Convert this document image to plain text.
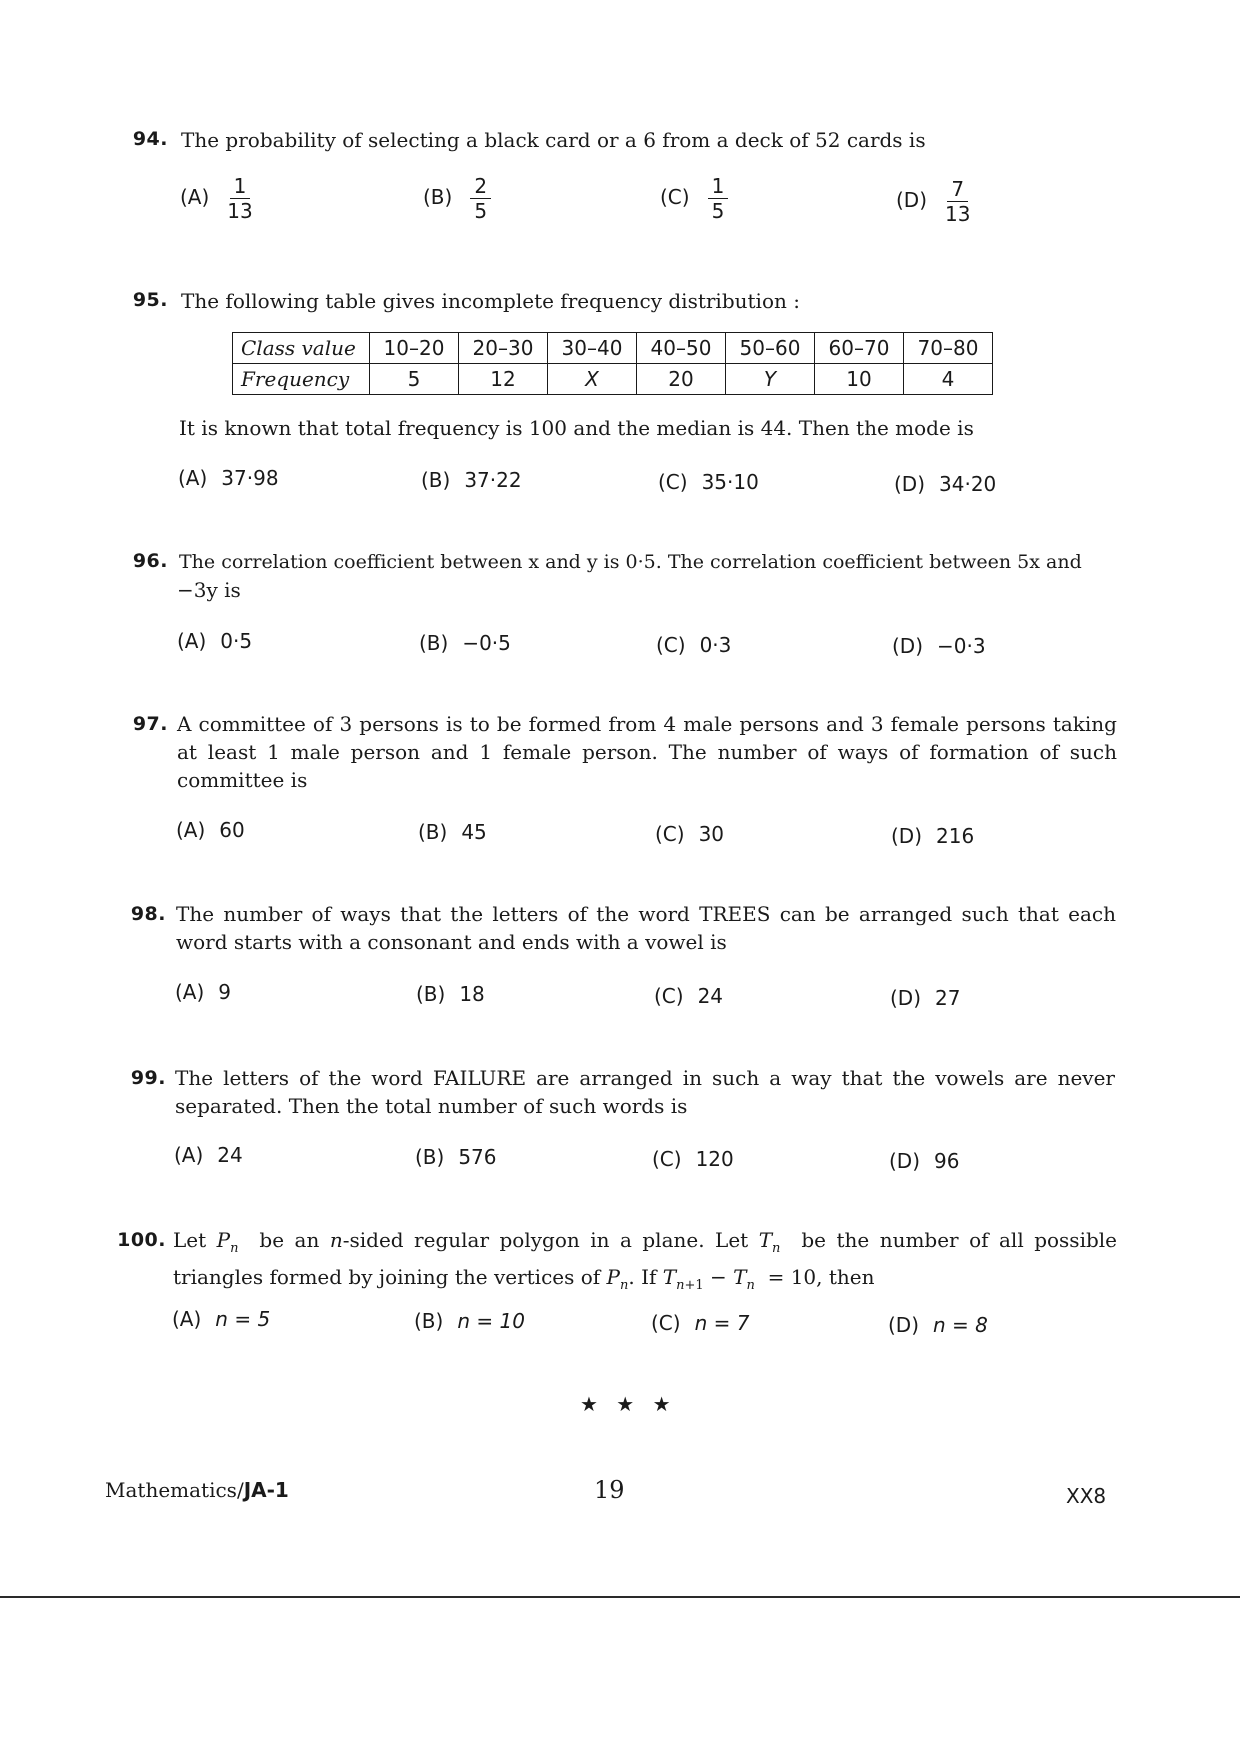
94. The probability of selecting a black card or a 6 from a deck of 52 cards is
$(A) \frac{1}{13}$	$(B) \frac{2}{5}$	$(C) \frac{1}{5}$	$(D) \frac{7}{13}$
95. The following table gives incomplete frequency distribution :
Class value	10–20	20–30	30–40	40–50	50–60	60–70	70–80
Frequency	5	12	X	20	Y	10	4
It is known that total frequency is 100 and the median is 44. Then the mode is
(A) 37·98	(B) 37·22	(C) 35·10	(D) 34·20
96. The correlation coefficient between x and y is 0·5. The correlation coefficient between 5x and
−3y is
(A) 0·5	(B) −0·5	(C) 0·3	(D) −0·3
97. A committee of 3 persons is to be formed from 4 male persons and 3 female persons taking at least 1 male person and 1 female person. The number of ways of formation of such committee is
(A) 60	(B) 45	(C) 30	(D) 216
98. The number of ways that the letters of the word TREES can be arranged such that each word starts with a consonant and ends with a vowel is
(A) 9	(B) 18	(C) 24	(D) 27
99. The letters of the word FAILURE are arranged in such a way that the vowels are never separated. Then the total number of such words is
(A) 24	(B) 576	(C) 120	(D) 96
100. Let $P_n$  be an n-sided regular polygon in a plane. Let $T_n$  be the number of all possible triangles formed by joining the vertices of $P_n$. If $T_{n+1} - T_n = 10$, then
(A) n = 5	(B) n = 10	(C) n = 7	(D) n = 8
★ ★ ★
Mathematics/JA-1	19	XX8
